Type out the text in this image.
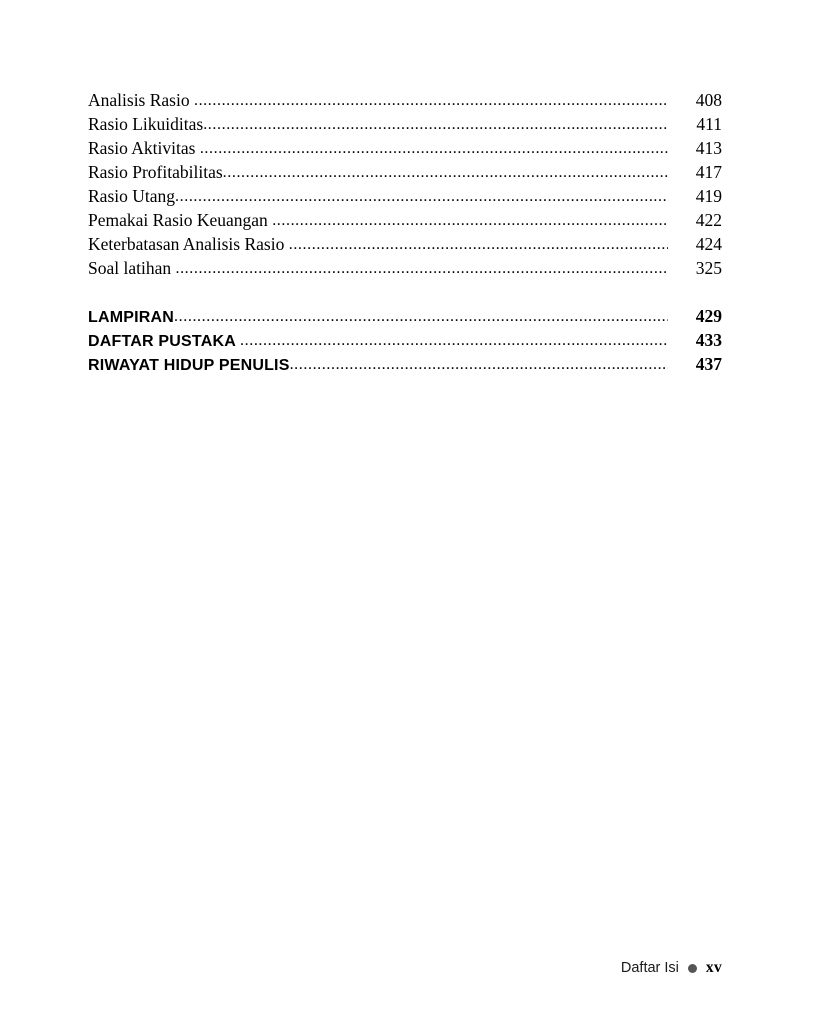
Analisis Rasio .....	408
Rasio Likuiditas .....	411
Rasio Aktivitas .....	413
Rasio Profitabilitas .....	417
Rasio Utang .....	419
Pemakai Rasio Keuangan .....	422
Keterbatasan Analisis Rasio .....	424
Soal latihan .....	325
LAMPIRAN .....	429
DAFTAR PUSTAKA .....	433
RIWAYAT HIDUP PENULIS .....	437
Daftar Isi xv
